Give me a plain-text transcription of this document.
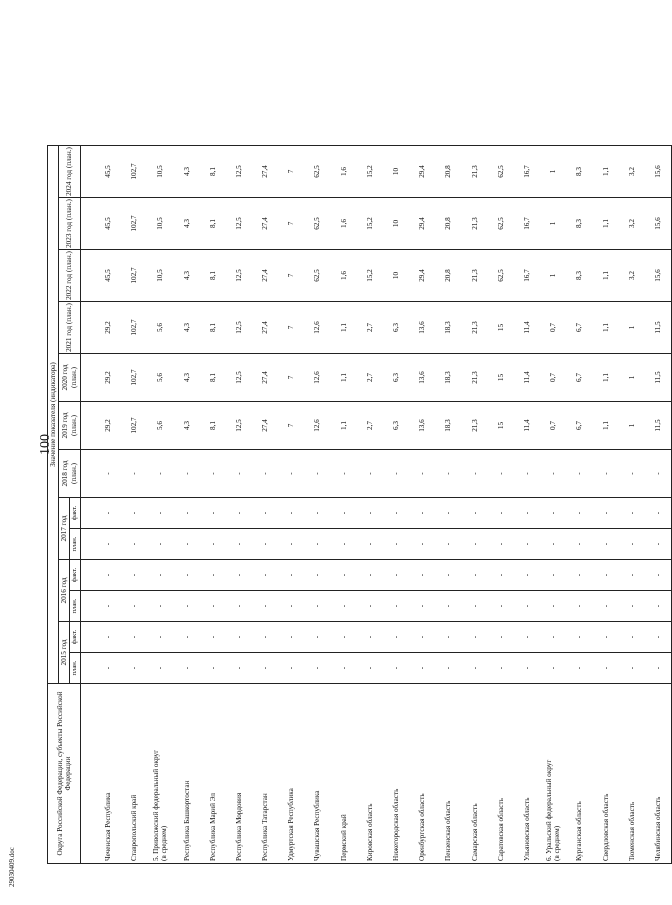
100
29030409.doc
Округа Российской Федерации, субъекты Российской Федерации	Значение показателя (индикатора)												
	2015 год		2016 год		2017 год		2018 год (план.)	2019 год (план.)	2020 год (план.)	2021 год (план.)	2022 год (план.)	2023 год (план.)	2024 год (план.)
	план.	факт.	план.	факт.	план.	факт.							

Чеченская Республика	-	-	-	-	-	-	-	29,2	29,2	29,2	45,5	45,5	45,5

Ставропольский край	-	-	-	-	-	-	-	102,7	102,7	102,7	102,7	102,7	102,7

5. Приволжский федеральный округ (в среднем)	-	-	-	-	-	-	-	5,6	5,6	5,6	10,5	10,5	10,5

Республика Башкортостан	-	-	-	-	-	-	-	4,3	4,3	4,3	4,3	4,3	4,3

Республика Марий Эл	-	-	-	-	-	-	-	8,1	8,1	8,1	8,1	8,1	8,1

Республика Мордовия	-	-	-	-	-	-	-	12,5	12,5	12,5	12,5	12,5	12,5

Республика Татарстан	-	-	-	-	-	-	-	27,4	27,4	27,4	27,4	27,4	27,4

Удмуртская Республика	-	-	-	-	-	-	-	7	7	7	7	7	7

Чувашская Республика	-	-	-	-	-	-	-	12,6	12,6	12,6	62,5	62,5	62,5

Пермский край	-	-	-	-	-	-	-	1,1	1,1	1,1	1,6	1,6	1,6

Кировская область	-	-	-	-	-	-	-	2,7	2,7	2,7	15,2	15,2	15,2

Нижегородская область	-	-	-	-	-	-	-	6,3	6,3	6,3	10	10	10

Оренбургская область	-	-	-	-	-	-	-	13,6	13,6	13,6	29,4	29,4	29,4

Пензенская область	-	-	-	-	-	-	-	18,3	18,3	18,3	20,8	20,8	20,8

Самарская область	-	-	-	-	-	-	-	21,3	21,3	21,3	21,3	21,3	21,3

Саратовская область	-	-	-	-	-	-	-	15	15	15	62,5	62,5	62,5

Ульяновская область	-	-	-	-	-	-	-	11,4	11,4	11,4	16,7	16,7	16,7

6. Уральский федеральный округ (в среднем)	-	-	-	-	-	-	-	0,7	0,7	0,7	1	1	1

Курганская область	-	-	-	-	-	-	-	6,7	6,7	6,7	8,3	8,3	8,3

Свердловская область	-	-	-	-	-	-	-	1,1	1,1	1,1	1,1	1,1	1,1

Тюменская область	-	-	-	-	-	-	-	1	1	1	3,2	3,2	3,2

Челябинская область	-	-	-	-	-	-	-	11,5	11,5	11,5	15,6	15,6	15,6
